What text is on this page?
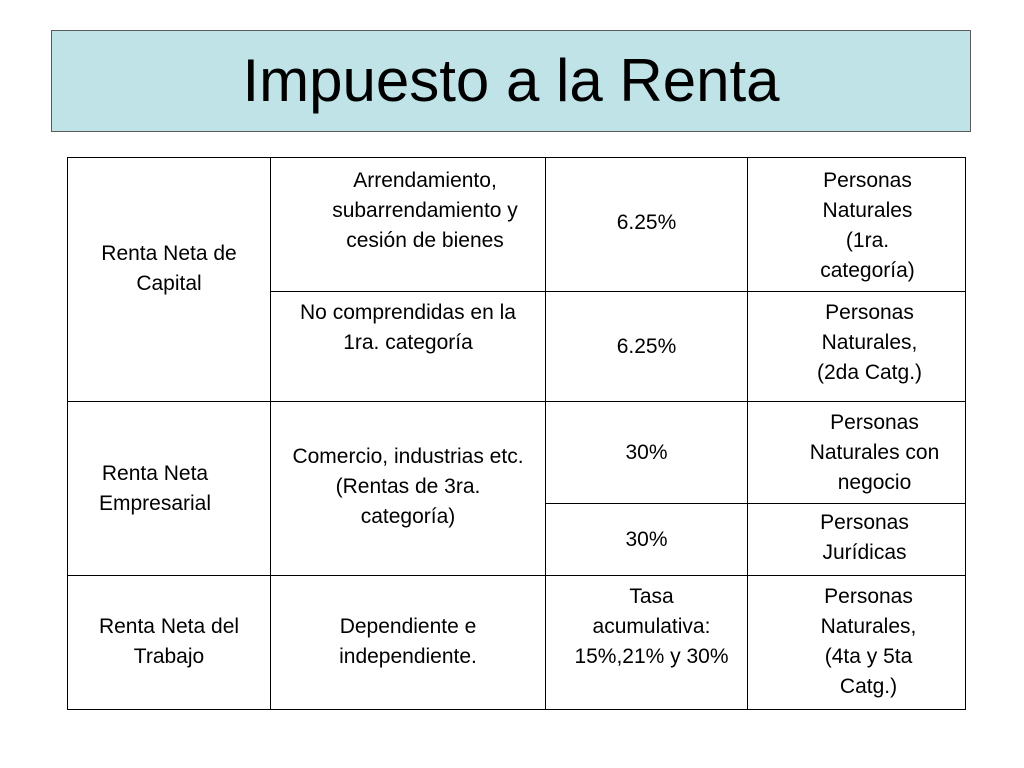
Impuesto a la Renta
Renta Neta de Capital	Arrendamiento, subarrendamiento y cesión de bienes	6.25%	Personas Naturales (1ra. categoría)

	No comprendidas en la 1ra. categoría	6.25%	Personas Naturales, (2da Catg.)

Renta Neta Empresarial	Comercio, industrias etc. (Rentas de 3ra. categoría)	30%	Personas Naturales con negocio

		30%	Personas Jurídicas

Renta Neta del Trabajo	Dependiente e independiente.	Tasa acumulativa: 15%,21% y 30%	Personas Naturales, (4ta y 5ta Catg.)
